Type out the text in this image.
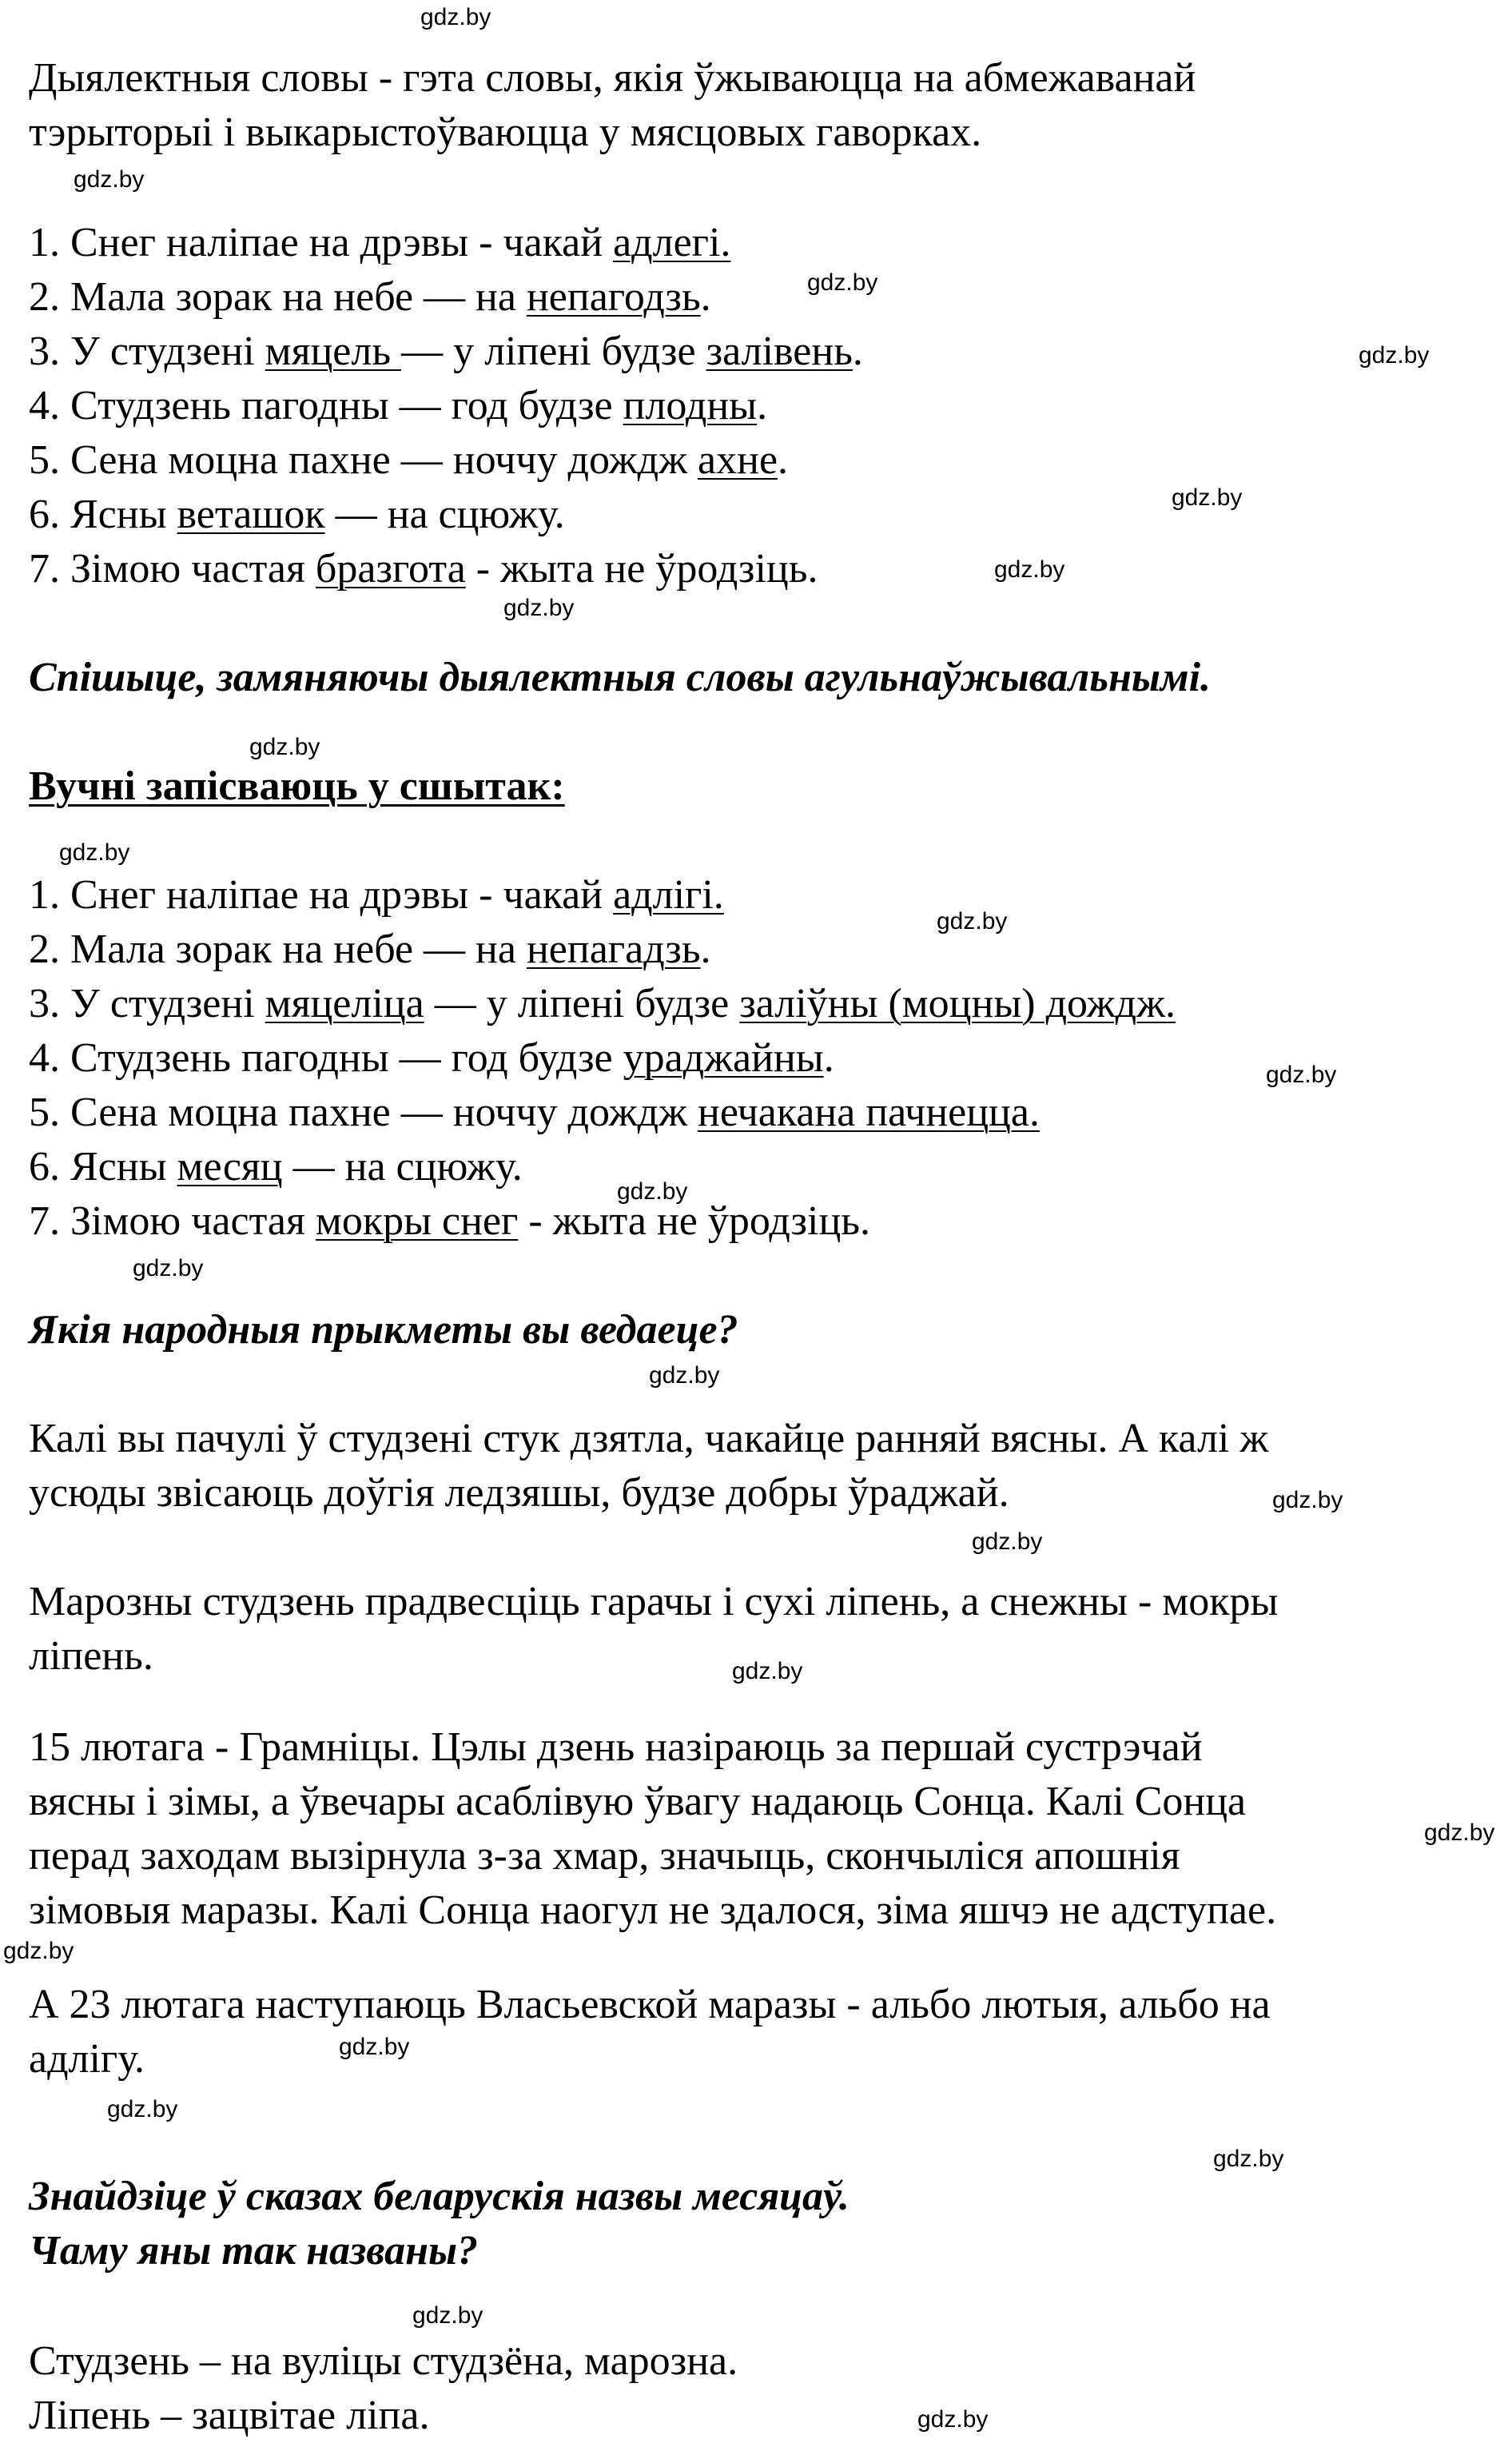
Дыялектныя словы - гэта словы, якія ўжываюцца на абмежаванай
тэрыторыі і выкарыстоўваюцца у мясцовых гаворках.
1. Снег наліпае на дрэвы - чакай адлегі.
2. Мала зорак на небе — на непагодзь.
3. У студзені мяцель — у ліпені будзе залівень.
4. Студзень пагодны — год будзе плодны.
5. Сена моцна пахне — ноччу дождж ахне.
6. Ясны веташок — на сцюжу.
7. Зімою частая бразгота - жыта не ўродзіць.
Спішыце, замяняючы дыялектныя словы агульнаўжывальнымі.
Вучні запісваюць у сшытак:
1. Снег наліпае на дрэвы - чакай адлігі.
2. Мала зорак на небе — на непагадзь.
3. У студзені мяцеліца — у ліпені будзе заліўны (моцны) дождж.
4. Студзень пагодны — год будзе ураджайны.
5. Сена моцна пахне — ноччу дождж нечакана пачнецца.
6. Ясны месяц — на сцюжу.
7. Зімою частая мокры снег - жыта не ўродзіць.
Якія народныя прыкметы вы ведаеце?
Калі вы пачулі ў студзені стук дзятла, чакайце ранняй вясны. А калі ж
усюды звісаюць доўгія ледзяшы, будзе добры ўраджай.
Марозны студзень прадвесціць гарачы і сухі ліпень, а снежны - мокры
ліпень.
15 лютага - Грамніцы. Цэлы дзень назіраюць за першай сустрэчай
вясны і зімы, а ўвечары асаблівую ўвагу надаюць Сонца. Калі Сонца
перад заходам вызірнула з-за хмар, значыць, скончыліся апошнія
зімовыя маразы. Калі Сонца наогул не здалося, зіма яшчэ не адступае.
А 23 лютага наступаюць Власьевской маразы - альбо лютыя, альбо на
адлігу.
Знайдзіце ў сказах беларускія назвы месяцаў.
Чаму яны так названы?
Студзень – на вуліцы студзёна, марозна.
Ліпень – зацвітае ліпа.
gdz.by
gdz.by
gdz.by
gdz.by
gdz.by
gdz.by
gdz.by
gdz.by
gdz.by
gdz.by
gdz.by
gdz.by
gdz.by
gdz.by
gdz.by
gdz.by
gdz.by
gdz.by
gdz.by
gdz.by
gdz.by
gdz.by
gdz.by
gdz.by
